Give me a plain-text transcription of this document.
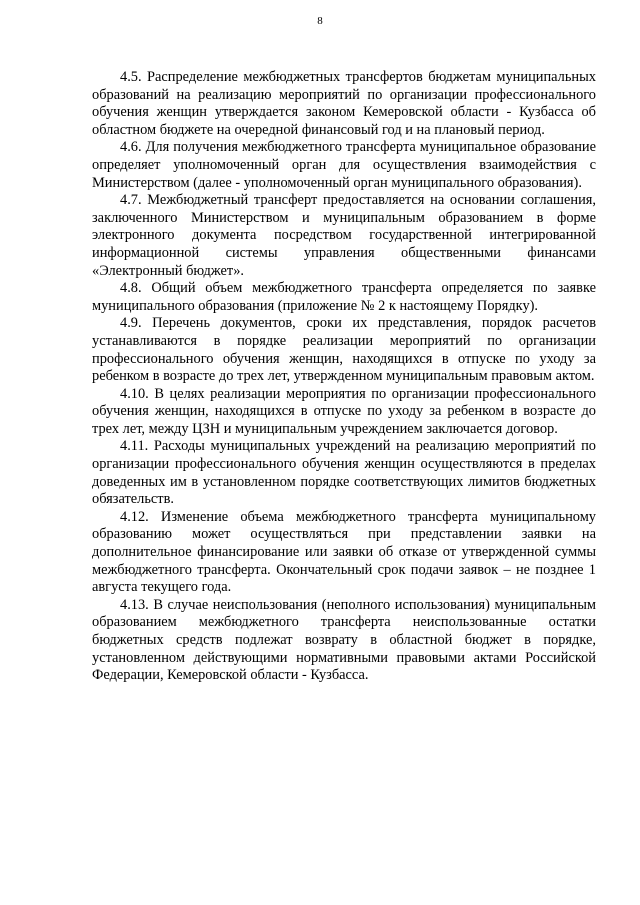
8

4.5. Распределение межбюджетных трансфертов бюджетам муниципальных образований на реализацию мероприятий по организации профессионального обучения женщин утверждается законом Кемеровской области - Кузбасса об областном бюджете на очередной финансовый год и на плановый период.

4.6. Для получения межбюджетного трансферта муниципальное образование определяет уполномоченный орган для осуществления взаимодействия с Министерством (далее - уполномоченный орган муниципального образования).

4.7. Межбюджетный трансферт предоставляется на основании соглашения, заключенного Министерством и муниципальным образованием в форме электронного документа посредством государственной интегрированной информационной системы управления общественными финансами «Электронный бюджет».

4.8. Общий объем межбюджетного трансферта определяется по заявке муниципального образования (приложение № 2 к настоящему Порядку).

4.9. Перечень документов, сроки их представления, порядок расчетов устанавливаются в порядке реализации мероприятий по организации профессионального обучения женщин, находящихся в отпуске по уходу за ребенком в возрасте до трех лет, утвержденном муниципальным правовым актом.

4.10. В целях реализации мероприятия по организации профессионального обучения женщин, находящихся в отпуске по уходу за ребенком в возрасте до трех лет, между ЦЗН и муниципальным учреждением заключается договор.

4.11. Расходы муниципальных учреждений на реализацию мероприятий по организации профессионального обучения женщин осуществляются в пределах доведенных им в установленном порядке соответствующих лимитов бюджетных обязательств.

4.12. Изменение объема межбюджетного трансферта муниципальному образованию может осуществляться при представлении заявки на дополнительное финансирование или заявки об отказе от утвержденной суммы межбюджетного трансферта. Окончательный срок подачи заявок – не позднее 1 августа текущего года.

4.13. В случае неиспользования (неполного использования) муниципальным образованием межбюджетного трансферта неиспользованные остатки бюджетных средств подлежат возврату в областной бюджет в порядке, установленном действующими нормативными правовыми актами Российской Федерации, Кемеровской области - Кузбасса.
